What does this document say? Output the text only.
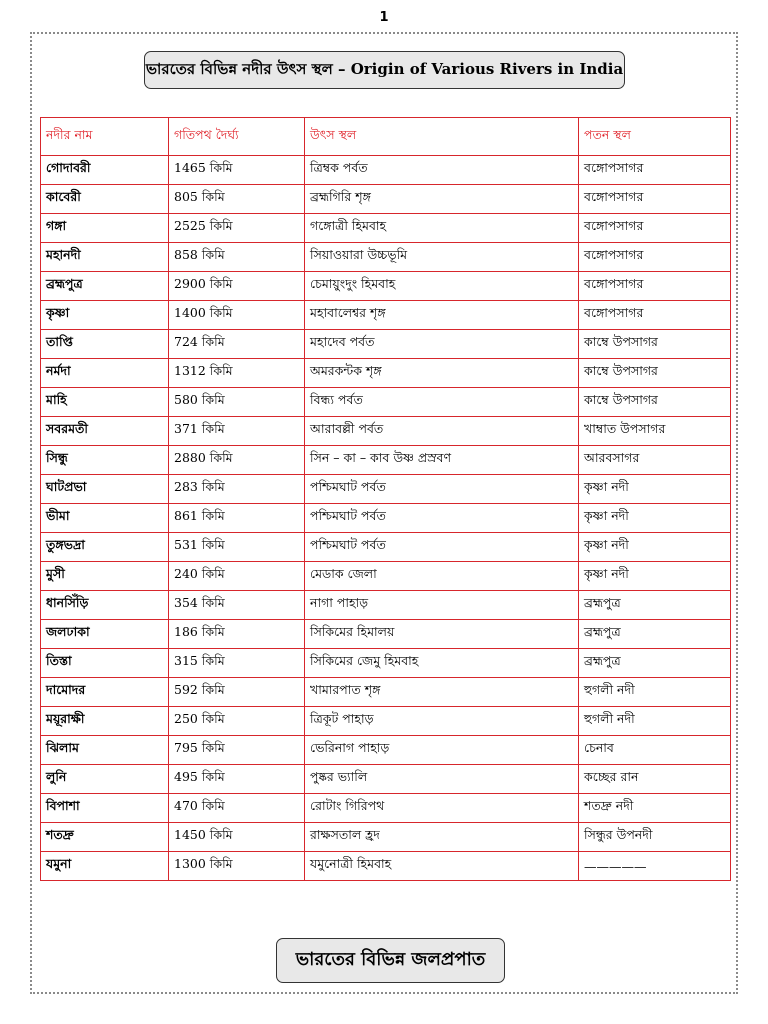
1
ভারতের বিভিন্ন নদীর উৎস স্থল – Origin of Various Rivers in India
নদীর নাম	গতিপথ দৈর্ঘ্য	উৎস স্থল	পতন স্থল
গোদাবরী	1465 কিমি	ত্রিম্বক পর্বত	বঙ্গোপসাগর
কাবেরী	805 কিমি	ব্রহ্মগিরি শৃঙ্গ	বঙ্গোপসাগর
গঙ্গা	2525 কিমি	গঙ্গোত্রী হিমবাহ	বঙ্গোপসাগর
মহানদী	858 কিমি	সিয়াওয়ারা উচ্চভূমি	বঙ্গোপসাগর
ব্রহ্মপুত্র	2900 কিমি	চেমায়ুংদুং হিমবাহ	বঙ্গোপসাগর
কৃষ্ণা	1400 কিমি	মহাবালেশ্বর শৃঙ্গ	বঙ্গোপসাগর
তাপ্তি	724 কিমি	মহাদেব পর্বত	কাম্বে উপসাগর
নর্মদা	1312 কিমি	অমরকন্টক শৃঙ্গ	কাম্বে উপসাগর
মাহি	580 কিমি	বিন্ধ্য পর্বত	কাম্বে উপসাগর
সবরমতী	371 কিমি	আরাবল্লী পর্বত	খাম্বাত উপসাগর
সিন্ধু	2880 কিমি	সিন – কা – কাব উষ্ণ প্রস্রবণ	আরবসাগর
ঘাটপ্রভা	283 কিমি	পশ্চিমঘাট পর্বত	কৃষ্ণা নদী
ভীমা	861 কিমি	পশ্চিমঘাট পর্বত	কৃষ্ণা নদী
তুঙ্গভদ্রা	531 কিমি	পশ্চিমঘাট পর্বত	কৃষ্ণা নদী
মুসী	240 কিমি	মেডাক জেলা	কৃষ্ণা নদী
ধানসিঁড়ি	354 কিমি	নাগা পাহাড়	ব্রহ্মপুত্র
জলঢাকা	186 কিমি	সিকিমের হিমালয়	ব্রহ্মপুত্র
তিস্তা	315 কিমি	সিকিমের জেমু হিমবাহ	ব্রহ্মপুত্র
দামোদর	592 কিমি	খামারপাত শৃঙ্গ	হুগলী নদী
ময়ূরাক্ষী	250 কিমি	ত্রিকূট পাহাড়	হুগলী নদী
ঝিলাম	795 কিমি	ভেরিনাগ পাহাড়	চেনাব
লুনি	495 কিমি	পুষ্কর ভ্যালি	কচ্ছের রান
বিপাশা	470 কিমি	রোটাং গিরিপথ	শতদ্রু নদী
শতদ্রু	1450 কিমি	রাক্ষসতাল হ্রদ	সিন্ধুর উপনদী
যমুনা	1300 কিমি	যমুনোত্রী হিমবাহ	—————
ভারতের বিভিন্ন জলপ্রপাত
